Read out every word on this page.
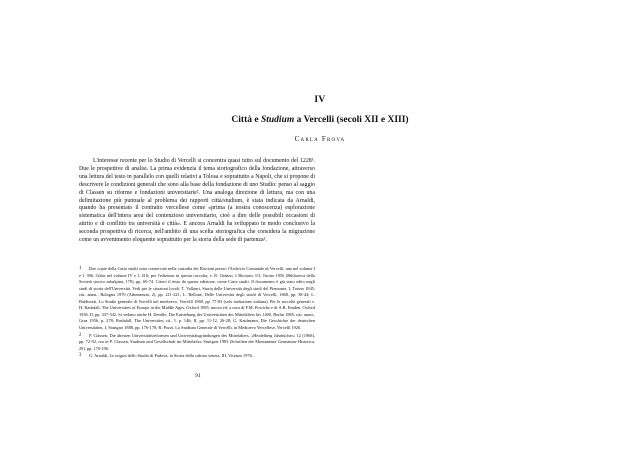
IV
Città e Studium a Vercelli (secoli XII e XIII)
Carla Frova

L'interesse recente per lo Studio di Vercelli si concentra quasi tutto sul documento del 1228¹. Due le prospettive di analisi. La prima evidenzia il tema storiografico della fondazione, attraverso una lettura del testo in parallelo con quelli relativi a Tolosa e soprattutto a Napoli, che si propone di descrivere le condizioni generali che sono alla base della fondazione di uno Studio: penso al saggio di Classen su riforme e fondazioni universitarie². Una analoga direzione di lettura, ma con una delimitazione più puntuale al problema dei rapporti città/studium, è stata indicata da Arnaldi, quando ha presentato il contratto vercellese come «prima (a nostra conoscenza) esplorazione sistematica dell'intera area del contenzioso universitario, cioè a dire delle possibili occasioni di attrito e di conflitto tra università e città». E ancora Arnaldi ha sviluppato in modo conclusivo la seconda prospettiva di ricerca, nell'ambito di una scelta storiografica che considera la migrazione come un avvenimento eloquente soprattutto per la storia della sede di partenza³.

1 Due copie della Carta studii sono conservate nella custodia dei Biscioni presso l'Archivio Comunale di Vercelli, una nel volume I e I. 396, l'altra nel volume IV e I. 416; per l'edizione in questa raccolta, v. R. Ordano, I Biscioni, I/3, Torino 1956 (Biblioteca della Società storica subalpina, 178), pp. 69-74. Citerò il testo da questa edizione, come Carta studii. Il documento è già stato edito negli studi di storia dell'Università. Vedi per le citazioni locali: T. Vallauri, Storia delle Università degli studi del Piemonte, I, Torino 1845, rist. anast., Bologna 1970 (Athenaeum, 2), pp. 211-221; L. Bellone, Delle Università degli studii di Vercelli, 1868, pp. 38-44; L. Baldisseri, Lo Studio generale di Vercelli nel medioevo, Vercelli 1868, pp. 77-83 (solo traduzione italiana). Per le raccolte generali v. H. Rashdall, The Universities of Europe in the Middle Ages, Oxford 1895, nuova ed. a cura di F.M. Powicke e di A.B. Emden, Oxford 1936, II, pp. 337-342. Si vedano anche H. Denifle, Die Entstehung der Universitäten des Mittelalters bis 1400, Berlin 1885, rist. anast., Graz 1956, p. 278; Rashdall, The Universities cit., I, p. 146; II, pp. 11-12, 26-28; G. Kaufmann, Die Geschichte der deutschen Universitäten, I, Stuttgart 1888, pp. 176-178; R. Pozzi, Lo Studium Generale di Vercelli, in Medioevo Vercellese, Vercelli 1926.

2 P. Classen, Die ältesten Universitätsreformen und Universitätsgründungen des Mittelalters, «Heidelberg Jahrbücher» 12 (1968), pp. 72-92, ora in P. Classen, Studium und Gesellschaft im Mittelalter, Stuttgart 1983 (Schriften der Monumenta Germaniae Historica, 29), pp. 170-196.

3 G. Arnaldi, Le origini dello Studio di Padova, in Storia della cultura veneta, III, Vicenza 1976,

91
